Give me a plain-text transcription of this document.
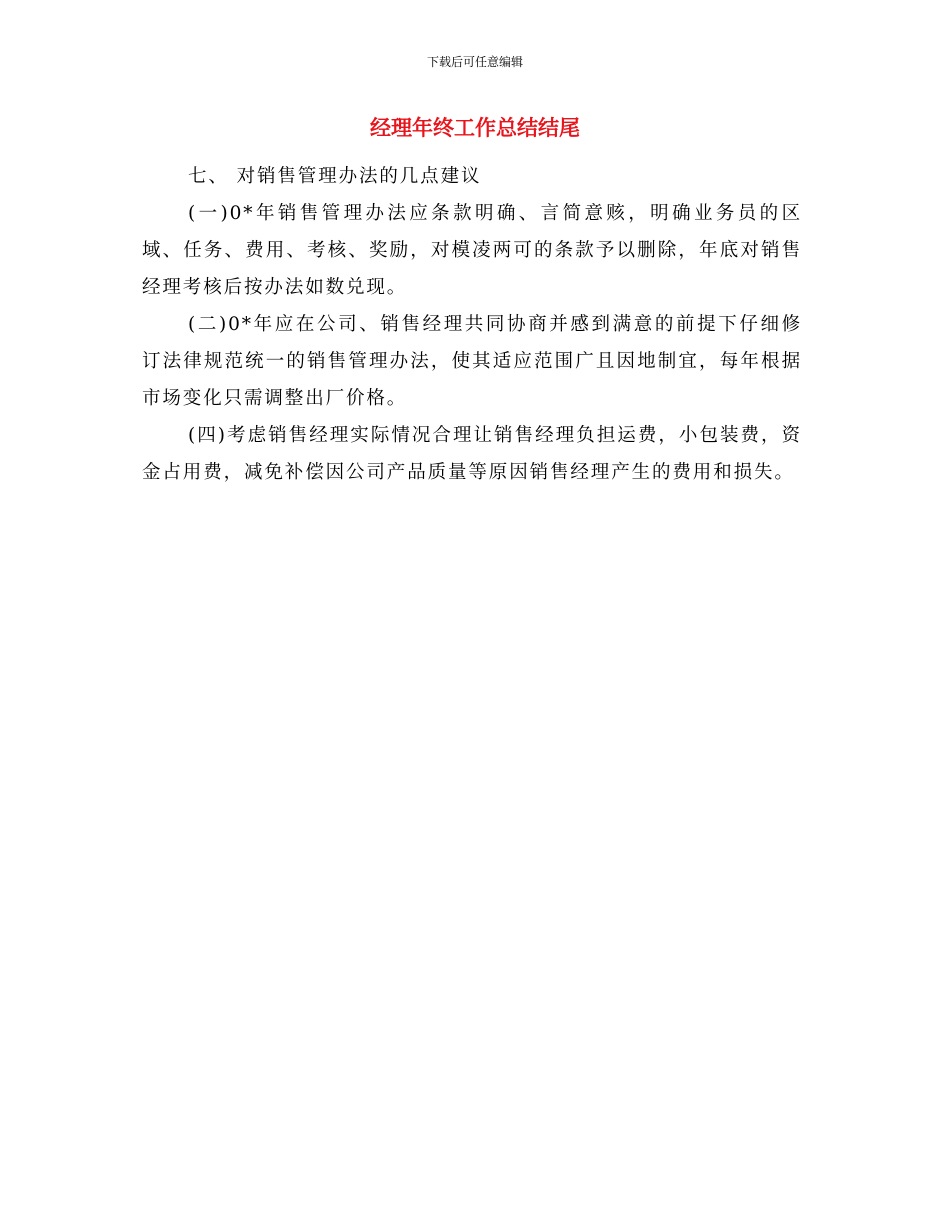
下载后可任意编辑
经理年终工作总结结尾

七、 对销售管理办法的几点建议

(一)0*年销售管理办法应条款明确、言简意赅，明确业务员的区域、任务、费用、考核、奖励，对模凌两可的条款予以删除，年底对销售经理考核后按办法如数兑现。

(二)0*年应在公司、销售经理共同协商并感到满意的前提下仔细修订法律规范统一的销售管理办法，使其适应范围广且因地制宜，每年根据市场变化只需调整出厂价格。

(四)考虑销售经理实际情况合理让销售经理负担运费，小包装费，资金占用费，减免补偿因公司产品质量等原因销售经理产生的费用和损失。
